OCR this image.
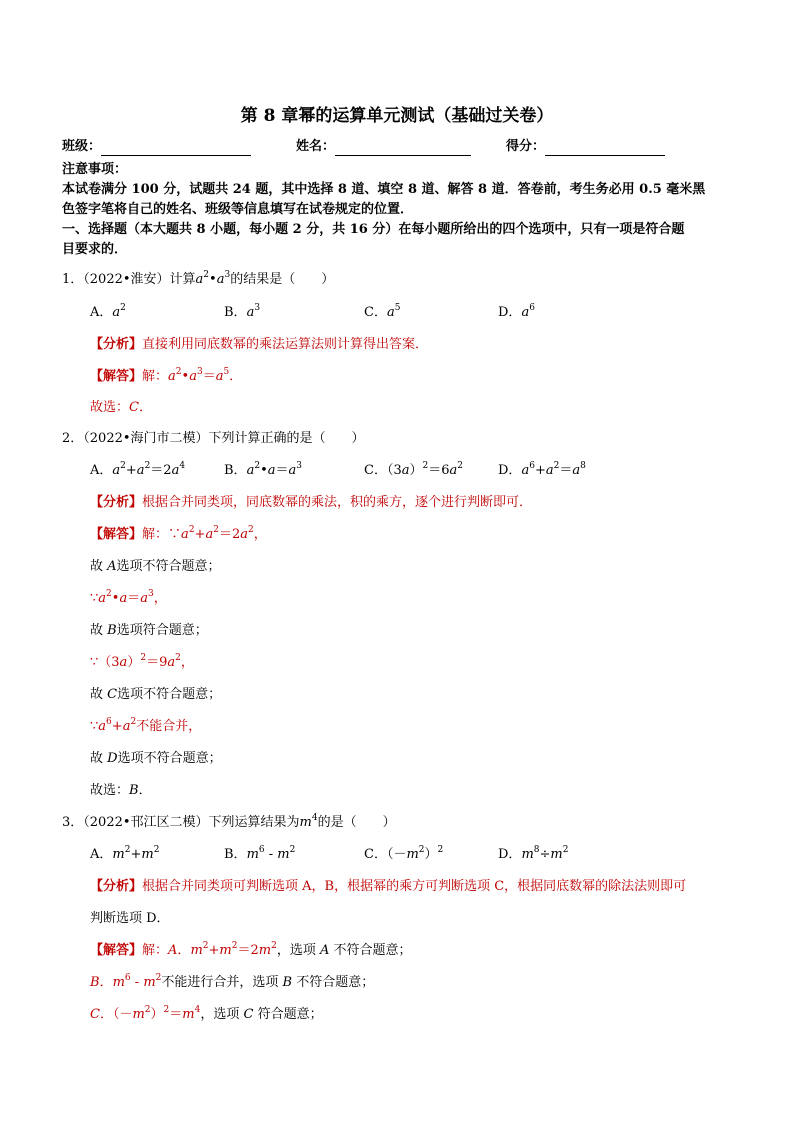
第 8 章幂的运算单元测试（基础过关卷）
班级：	姓名：	得分：
注意事项：
本试卷满分 100 分，试题共 24 题，其中选择 8 道、填空 8 道、解答 8 道．答卷前，考生务必用 0.5 毫米黑
色签字笔将自己的姓名、班级等信息填写在试卷规定的位置．
一、选择题（本大题共 8 小题，每小题 2 分，共 16 分）在每小题所给出的四个选项中，只有一项是符合题
目要求的．
1．（2022•淮安）计算$a^2•a^3$的结果是（　　）
A．$a^2$	B．$a^3$	C．$a^5$	D．$a^6$
【分析】直接利用同底数幂的乘法运算法则计算得出答案．
【解答】解：$a^2•a^3=a^5$．
故选：C．
2．（2022•海门市二模）下列计算正确的是（　　）
A．$a^2+a^2=2a^4$	B．$a^2•a=a^3$	C．$(3a)^2=6a^2$	D．$a^6+a^2=a^8$
【分析】根据合并同类项，同底数幂的乘法，积的乘方，逐个进行判断即可．
【解答】解：$\because a^2+a^2=2a^2$，
故 A选项不符合题意；
$\because a^2•a=a^3$，
故 B选项符合题意；
$\because(3a)^2=9a^2$，
故 C选项不符合题意；
$\because a^6+a^2$不能合并，
故 D选项不符合题意；
故选：B．
3．（2022•邗江区二模）下列运算结果为$m^4$的是（　　）
A．$m^2+m^2$	B．$m^6 - m^2$	C．$(-m^2)^2$	D．$m^8\div m^2$
【分析】根据合并同类项可判断选项 A，B，根据幂的乘方可判断选项 C，根据同底数幂的除法法则即可
判断选项 D．
【解答】解：A．$m^2+m^2=2m^2$，选项 A 不符合题意；
B．$m^6 - m^2$不能进行合并，选项 B 不符合题意；
C．$(-m^2)^2=m^4$，选项 C 符合题意；
